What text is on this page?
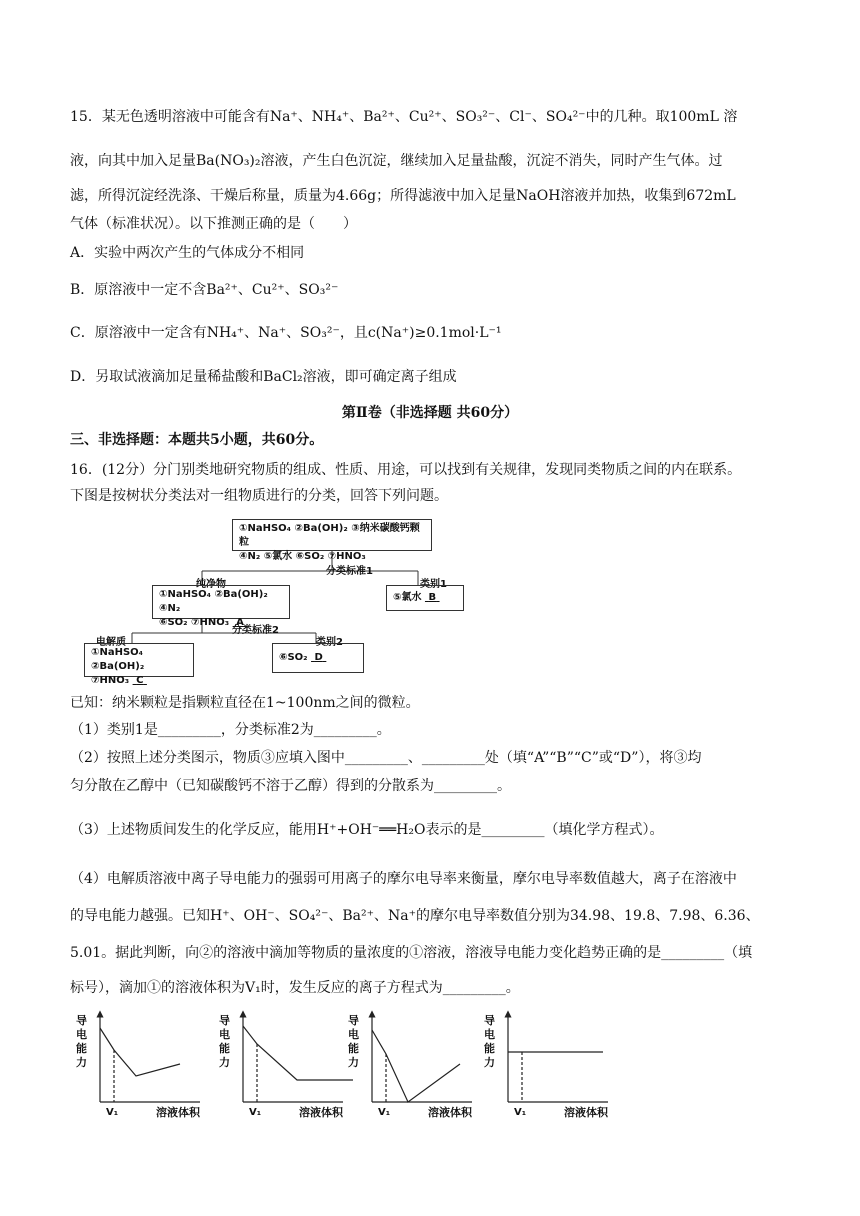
15．某无色透明溶液中可能含有Na⁺、NH₄⁺、Ba²⁺、Cu²⁺、SO₃²⁻、Cl⁻、SO₄²⁻中的几种。取100mL 溶
液，向其中加入足量Ba(NO₃)₂溶液，产生白色沉淀，继续加入足量盐酸，沉淀不消失，同时产生气体。过
滤，所得沉淀经洗涤、干燥后称量，质量为4.66g；所得滤液中加入足量NaOH溶液并加热，收集到672mL
气体（标准状况）。以下推测正确的是（　　）
A．实验中两次产生的气体成分不相同
B．原溶液中一定不含Ba²⁺、Cu²⁺、SO₃²⁻
C．原溶液中一定含有NH₄⁺、Na⁺、SO₃²⁻，且c(Na⁺)≥0.1mol·L⁻¹
D．另取试液滴加足量稀盐酸和BaCl₂溶液，即可确定离子组成
第Ⅱ卷（非选择题 共60分）
三、非选择题：本题共5小题，共60分。
16．(12分）分门别类地研究物质的组成、性质、用途，可以找到有关规律，发现同类物质之间的内在联系。
下图是按树状分类法对一组物质进行的分类，回答下列问题。
①NaHSO₄ ②Ba(OH)₂ ③纳米碳酸钙颗粒
④N₂ ⑤氯水 ⑥SO₂ ⑦HNO₃
分类标准1
纯净物	类别1
①NaHSO₄ ②Ba(OH)₂ ④N₂
⑥SO₂ ⑦HNO₃ A
⑤氯水 B
分类标准2
电解质	类别2
①NaHSO₄ ②Ba(OH)₂
⑦HNO₃ C
⑥SO₂ D
已知：纳米颗粒是指颗粒直径在1~100nm之间的微粒。
（1）类别1是_________，分类标准2为_________。
（2）按照上述分类图示，物质③应填入图中_________、_________处（填“A”“B”“C”或“D”），将③均
匀分散在乙醇中（已知碳酸钙不溶于乙醇）得到的分散系为_________。
（3）上述物质间发生的化学反应，能用H⁺+OH⁻══H₂O表示的是_________（填化学方程式）。
（4）电解质溶液中离子导电能力的强弱可用离子的摩尔电导率来衡量，摩尔电导率数值越大，离子在溶液中
的导电能力越强。已知H⁺、OH⁻、SO₄²⁻、Ba²⁺、Na⁺的摩尔电导率数值分别为34.98、19.8、7.98、6.36、
5.01。据此判断，向②的溶液中滴加等物质的量浓度的①溶液，溶液导电能力变化趋势正确的是_________（填
标号），滴加①的溶液体积为V₁时，发生反应的离子方程式为_________。
导
电
能
力
V₁	溶液体积
导
电
能
力
V₁	溶液体积
导
电
能
力
V₁	溶液体积
导
电
能
力
V₁	溶液体积
